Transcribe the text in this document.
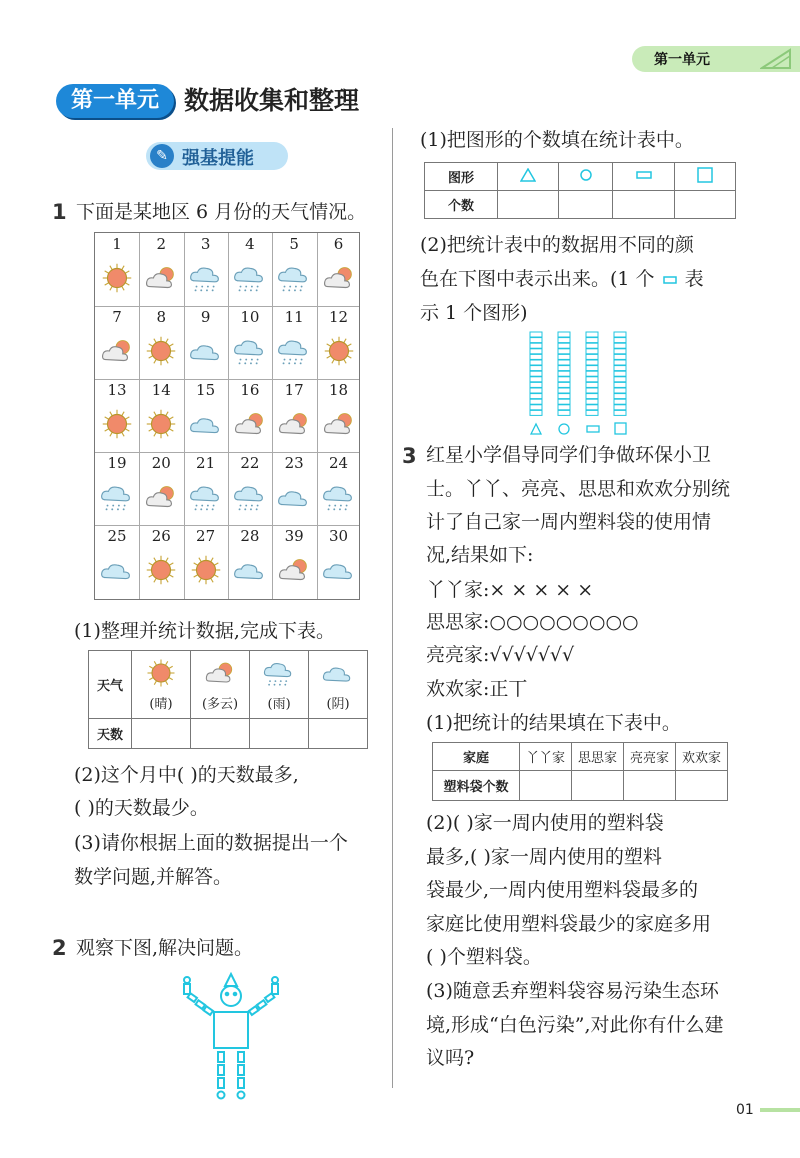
第一单元
第一单元	数据收集和整理
✎ 强基提能
1 下面是某地区 6 月份的天气情况。
1	2	3	4	5	6
7	8	9	10	11	12
13	14	15	16	17	18
19	20	21	22	23	24
25	26	27	28	39	30
(1)整理并统计数据,完成下表。
天气	(晴)	(多云)	(雨)	(阴)

天数				
(2)这个月中( )的天数最多,
( )的天数最少。
(3)请你根据上面的数据提出一个
数学问题,并解答。
2 观察下图,解决问题。
(1)把图形的个数填在统计表中。
图形				
个数				
(2)把统计表中的数据用不同的颜
色在下图中表示出来。(1 个 表
示 1 个图形)
3 红星小学倡导同学们争做环保小卫
士。丫丫、亮亮、思思和欢欢分别统
计了自己家一周内塑料袋的使用情
况,结果如下:
丫丫家:× × × × ×
思思家:○○○○○○○○○
亮亮家:√√√√√√√
欢欢家:正丅
(1)把统计的结果填在下表中。
家庭	丫丫家	思思家	亮亮家	欢欢家
塑料袋个数				
(2)( )家一周内使用的塑料袋
最多,( )家一周内使用的塑料
袋最少,一周内使用塑料袋最多的
家庭比使用塑料袋最少的家庭多用
( )个塑料袋。
(3)随意丢弃塑料袋容易污染生态环
境,形成“白色污染”,对此你有什么建
议吗?
01
